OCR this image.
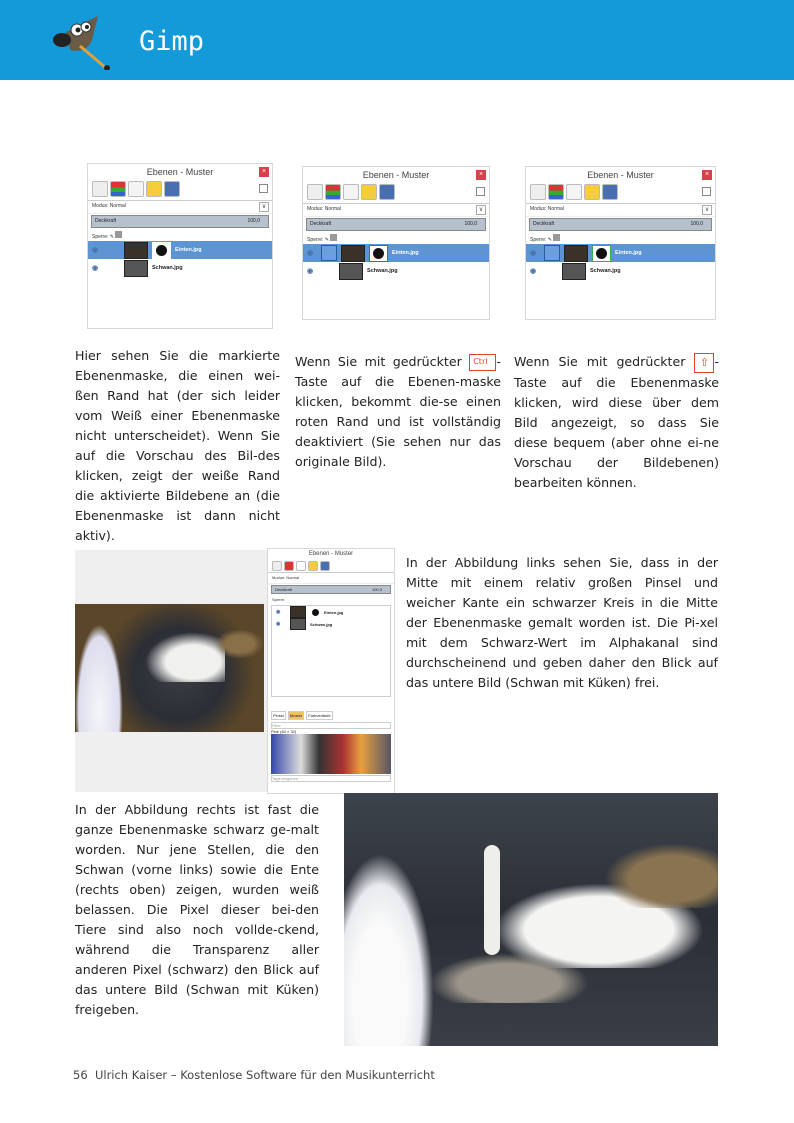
Gimp
Ebenen - Muster	×
Modus: Normal	v
Deckkraft	100,0
Sperre: ✎
◉	Einten.jpg
◉	Schwan.jpg
Ebenen - Muster	×
Modus: Normal	v
Deckkraft	100,0
Sperre: ✎
◉	Einten.jpg
◉	Schwan.jpg
Ebenen - Muster	×
Modus: Normal	v
Deckkraft	100,0
Sperre: ✎
◉	Einten.jpg
◉	Schwan.jpg
Hier sehen Sie die markierte Ebenenmaske, die einen wei-ßen Rand hat (der sich leider vom Weiß einer Ebenenmaske nicht unterscheidet). Wenn Sie auf die Vorschau des Bil-des klicken, zeigt der weiße Rand die aktivierte Bildebene an (die Ebenenmaske ist dann nicht aktiv).
Wenn Sie mit gedrückter Ctrl -Taste auf die Ebenen-maske klicken, bekommt die-se einen roten Rand und ist vollständig deaktiviert (Sie sehen nur das originale Bild).
Wenn Sie mit gedrückter ⇧ -Taste auf die Ebenenmaske klicken, wird diese über dem Bild angezeigt, so dass Sie diese bequem (aber ohne ei-ne Vorschau der Bildebenen) bearbeiten können.
Ebenen - Muster
Modus: Normal
Deckkraft	100,0
Sperre:
◉	Einten.jpg
◉	Schwan.jpg
Pinsel	Muster	Farbverläufe
Filter
Pine (64 × 32)
Tags eingeben
In der Abbildung links sehen Sie, dass in der Mitte mit einem relativ großen Pinsel und weicher Kante ein schwarzer Kreis in die Mitte der Ebenenmaske gemalt worden ist. Die Pi-xel mit dem Schwarz-Wert im Alphakanal sind durchscheinend und geben daher den Blick auf das untere Bild (Schwan mit Küken) frei.
In der Abbildung rechts ist fast die ganze Ebenenmaske schwarz ge-malt worden. Nur jene Stellen, die den Schwan (vorne links) sowie die Ente (rechts oben) zeigen, wurden weiß belassen. Die Pixel dieser bei-den Tiere sind also noch vollde-ckend, während die Transparenz aller anderen Pixel (schwarz) den Blick auf das untere Bild (Schwan mit Küken) freigeben.
56 Ulrich Kaiser – Kostenlose Software für den Musikunterricht
